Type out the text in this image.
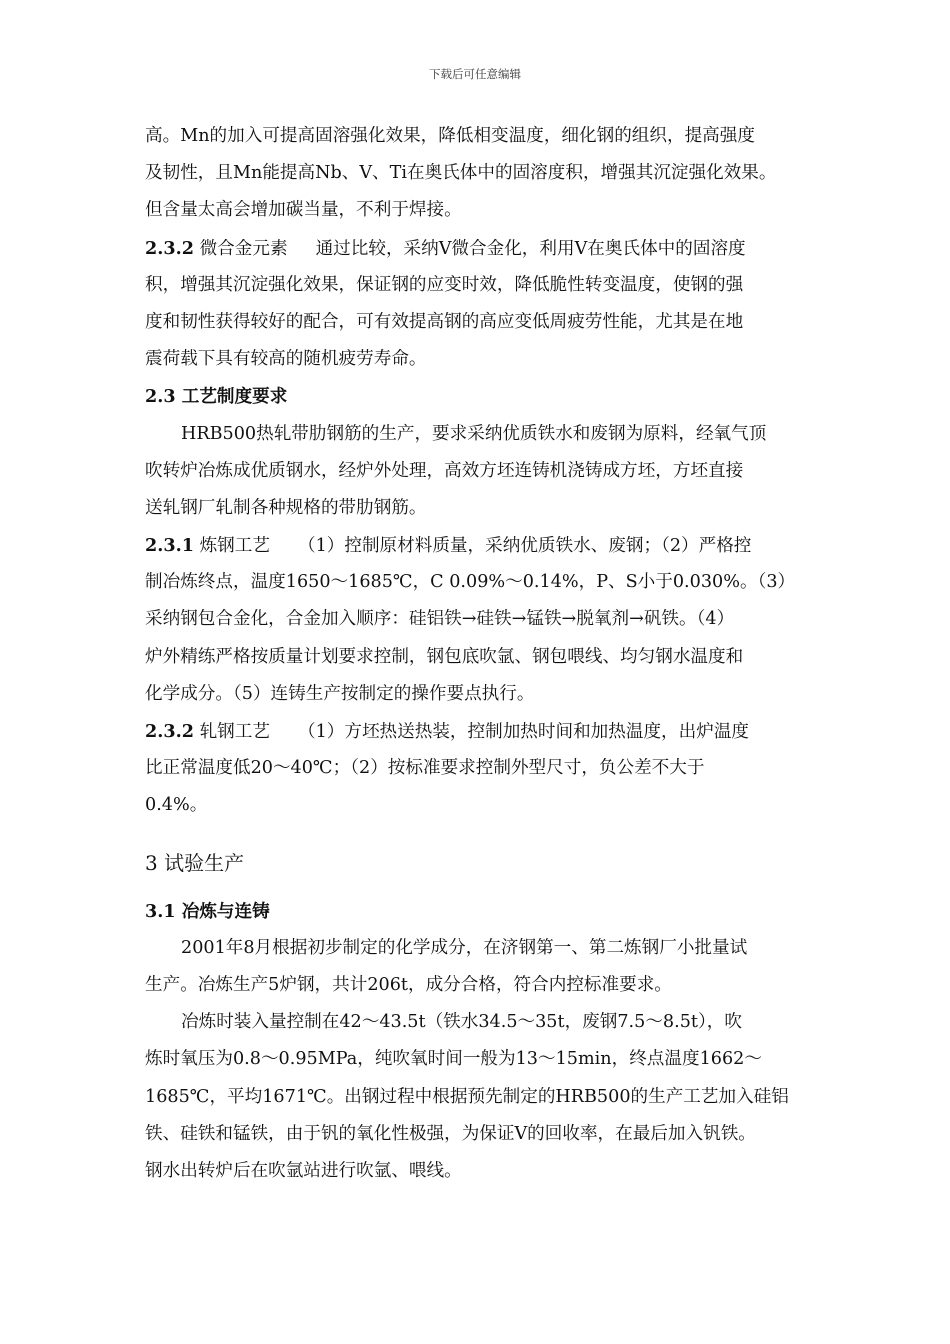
下载后可任意编辑
高。Mn的加入可提高固溶强化效果，降低相变温度，细化钢的组织，提高强度
及韧性，且Mn能提高Nb、V、Ti在奥氏体中的固溶度积，增强其沉淀强化效果。
但含量太高会增加碳当量，不利于焊接。
2.3.2 微合金元素 通过比较，采纳V微合金化，利用V在奥氏体中的固溶度
积，增强其沉淀强化效果，保证钢的应变时效，降低脆性转变温度，使钢的强
度和韧性获得较好的配合，可有效提高钢的高应变低周疲劳性能，尤其是在地
震荷载下具有较高的随机疲劳寿命。
2.3 工艺制度要求
HRB500热轧带肋钢筋的生产，要求采纳优质铁水和废钢为原料，经氧气顶
吹转炉冶炼成优质钢水，经炉外处理，高效方坯连铸机浇铸成方坯，方坯直接
送轧钢厂轧制各种规格的带肋钢筋。
2.3.1 炼钢工艺 （1）控制原材料质量，采纳优质铁水、废钢；（2）严格控
制冶炼终点，温度1650～1685℃，C 0.09%～0.14%，P、S小于0.030%。（3）
采纳钢包合金化，合金加入顺序：硅铝铁→硅铁→锰铁→脱氧剂→矾铁。（4）
炉外精练严格按质量计划要求控制，钢包底吹氩、钢包喂线、均匀钢水温度和
化学成分。（5）连铸生产按制定的操作要点执行。
2.3.2 轧钢工艺 （1）方坯热送热装，控制加热时间和加热温度，出炉温度
比正常温度低20～40℃；（2）按标准要求控制外型尺寸，负公差不大于
0.4%。
3 试验生产
3.1 冶炼与连铸
2001年8月根据初步制定的化学成分，在济钢第一、第二炼钢厂小批量试
生产。冶炼生产5炉钢，共计206t，成分合格，符合内控标准要求。
冶炼时装入量控制在42～43.5t（铁水34.5～35t，废钢7.5～8.5t），吹
炼时氧压为0.8～0.95MPa，纯吹氧时间一般为13～15min，终点温度1662～
1685℃，平均1671℃。出钢过程中根据预先制定的HRB500的生产工艺加入硅铝
铁、硅铁和锰铁，由于钒的氧化性极强，为保证V的回收率，在最后加入钒铁。
钢水出转炉后在吹氩站进行吹氩、喂线。
